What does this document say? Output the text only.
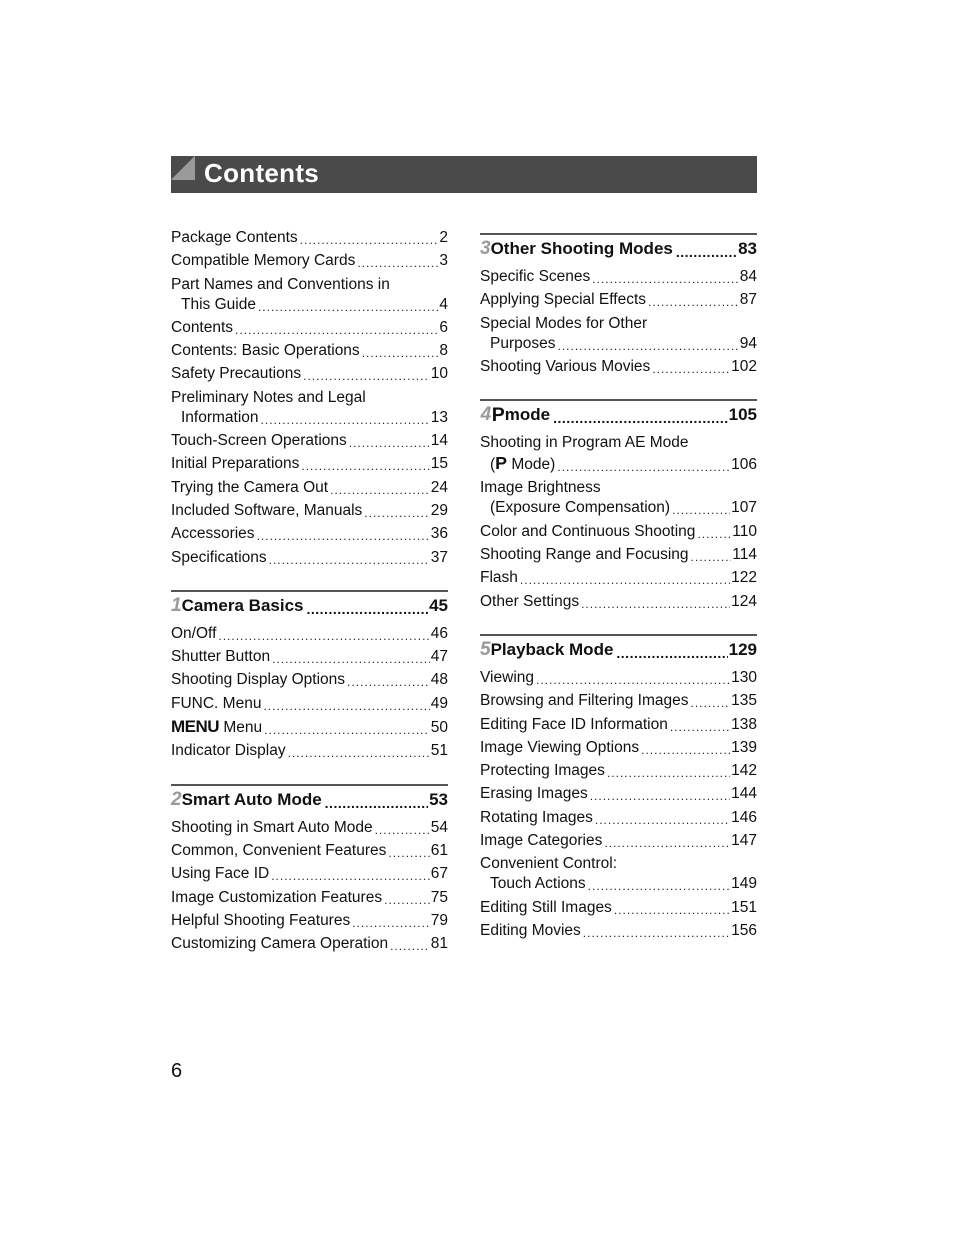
Contents
Package Contents .....	2
Compatible Memory Cards .....	3
Part Names and Conventions in
This Guide .....	4
Contents .....	6
Contents: Basic Operations .....	8
Safety Precautions .....	10
Preliminary Notes and Legal
Information .....	13
Touch-Screen Operations .....	14
Initial Preparations .....	15
Trying the Camera Out .....	24
Included Software, Manuals .....	29
Accessories .....	36
Specifications .....	37
1 Camera Basics .....	45
On/Off .....	46
Shutter Button .....	47
Shooting Display Options .....	48
FUNC. Menu .....	49
MENU Menu .....	50
Indicator Display .....	51
2 Smart Auto Mode .....	53
Shooting in Smart Auto Mode .....	54
Common, Convenient Features .....	61
Using Face ID .....	67
Image Customization Features .....	75
Helpful Shooting Features .....	79
Customizing Camera Operation .....	81
3 Other Shooting Modes .....	83
Specific Scenes .....	84
Applying Special Effects .....	87
Special Modes for Other
Purposes .....	94
Shooting Various Movies .....	102
4 P mode .....	105
Shooting in Program AE Mode
(P Mode) .....	106
Image Brightness
(Exposure Compensation) .....	107
Color and Continuous Shooting ..... 110
Shooting Range and Focusing .....	114
Flash .....	122
Other Settings .....	124
5 Playback Mode .....	129
Viewing .....	130
Browsing and Filtering Images .....	135
Editing Face ID Information .....	138
Image Viewing Options .....	139
Protecting Images .....	142
Erasing Images .....	144
Rotating Images .....	146
Image Categories .....	147
Convenient Control:
Touch Actions .....	149
Editing Still Images .....	151
Editing Movies .....	156
6
